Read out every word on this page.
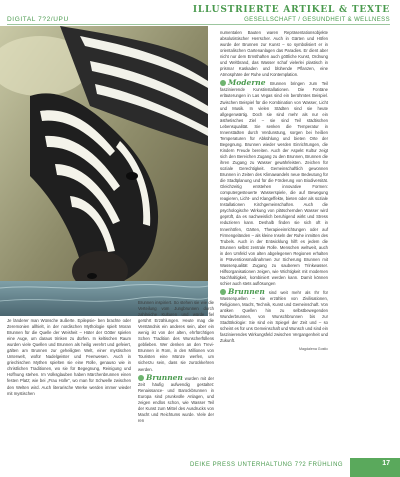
DIGITAL 7?2/UPU
ILLUSTRIERTE ARTIKEL & TEXTE
GESELLSCHAFT / GESUNDHEIT & WELLNESS

Je länderer man Wünsche äußerte. Epilepsie- ben brachte oder Zeremonien allhielt, in der nordischen Mythologie spielt Moran Brunnen für die Quelle der Weisheit – Hüter der Götter spielen eine Auge, um daraus trinken zu dürfen. In keltischen Raum wurden viele Quellen und Brunnen als heilig verehrt und gefeiert, gälten am Brunnen zur geheiligten Welt, einer mystischen Unterwelt, wofür Nadelgeister und Feenwesen. Auch in griechischen Mythen spielten sie eine Rolle, genauso wie in christlichen Traditionen, wo sie für Begegnung, Reinigung und Hoffnung stehen. Im Volksglauben haben Märchenbrunnen einen festen Platz; wie bei „Frau Holle“, wo man für Schwelle zwischen den Welten wird. Auch literarische Werke werden immer wieder mit mystischen

Brunnen inspiriert. So stehen sie wie die Verteilung vom Jungbrunnen durch zahlreiche Kulturen und würde fiel gerührt Erzählungen. Heute mag die Verständnis ein anderes sein, aber ein wenig ist von der alten, ehrfürchtigen Schen Tradition des Wunscherfüllens geblieben. Wer denken an den Trevi-Brunnen in Rom, in den Millionen von Touristen eine Münze werfen, um sicherzu sein, dass sie zurückkehren werden.

Brunnen wurden mit der Zeit häufig aufwendig gestaltet: Renaissance- und Barockbrunnen in Europa sind prunkvolle Anlagen, und zeigen endlos schon, wie Wasser Teil der Kunst zum Mittel des Ausdrucks von Macht und Reichtums wurde. Viele der ren

numentalen Bauten waren Repräsentationsobjekte absolutistischer Herrscher. Auch in Gärten und Höfen wurde der Brunnen zur Kunst – so symbolisiert er in orientalischen Gartenanlagen das Paradies. Er dient aber nicht nur dem Ernsthaften auch göttliche Kunst, Ordnung und Weltbrand, das Wasser schaf vielerlei plastisch in prisma! Kaskaden und blühende Pflanzen, eine Atmosphäre der Ruhe und Kontemplation.

Moderne Brunnen bringen zum Teil faszinierende Kunstinstallationen. Die Fontäne erläuterungen in Las Vegas sind ein berühmtes Beispiel. Zwischen Beispiel für die Kombination von Wasser, Licht und Musik. In vielen Städten sind sie heute allgegenwärtig. Doch sie sind mehr als nur ein ästhetisches Ziel – sie sind Teil städtischen Lebensqualität. Sie senken die Temperatur in Innenstädten durch Verdunstung, sorgen bei heißen Temperaturen für Abkühlung und bieten Orte der Begegnung. Brunnen wieder werden Einrichtungen, die Kindern Freude bereiten. Auch der Aspekt Kultur zeigt sich den Bereichen Zugang zu den Brunnen, Brunnen die ihren Zugang zu Wasser gewährleisten. Zeichen für soziale Gerechtigkeit. Gemeinschaftlich gewonnen Brunnen in Zeiten des Klimawandels neue Bedeutung für die Stadtplanung und für die Förderung von Biodiversität. Gleichzeitig entstehen innovative Formen: computergesteuerte Wasserspiele, die auf Bewegung reagieren, Licht- und Klangeffekte, bieten oder als soziale Installationen Kirchgemeinschaften. Auch die psychologische Wirkung von plätschernden Wasser wird geprüft, da es nachweislich beruhigend wirkt und Stress reduzieren kann. Deshalb finden sie sich oft in Innenhöfen, Gärten, Therapieeinrichtungen oder auf Firmengeländen – als kleine Inseln der Ruhe inmitten des Trubels. Auch in der Entwicklung hilft es jedem die Brunnen selbst zentrale Rolle. Menschen weltweit, auch in den Umfeld von alten abgelegenen Regionen erhalten in Präventionsmaßnahmen zur Sicherung Brunnen mit Wasserqualität Zugang zu sauberem Trinkwasser. Hilfsorganisationen zeigen, wie Wichtigkeit mit modernen Nachhaltigkeit, kombiniert werden kann. Damit können schier auch stets auflösungen

Brunnen sind weit mehr als Ihr für Wasserquellen – sie erzählen von Zivilisationen, Religionen, Macht, Technik, Kunst und Gemeinschaft. Von antiken Quellen hin zu selbstbewegenden Wunderbrunnen, von Wunschbrunnen bis zur Stadtökologie: Sie sind ein Spiegel der Zeit und – so scheint es für uns Gemeinschaft und Wunsch und sind ein faszinierendes Wirkungsfeld zwischen Vergangenheit und Zukunft.

Magdalena Gostic
DEIKE PRESS UNTERHALTUNG 7?2 FRÜHLING	17
